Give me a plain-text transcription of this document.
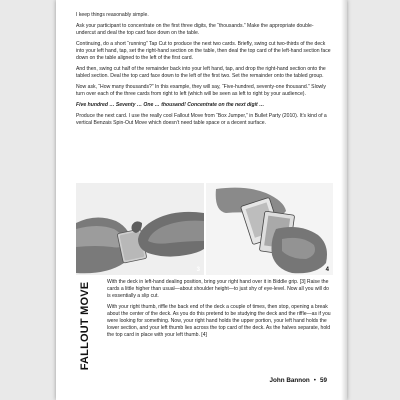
I keep things reasonably simple.

Ask your participant to concentrate on the first three digits, the “thousands.” Make the appropriate double-undercut and deal the top card face down on the table.

Continuing, do a short “running” Tap Cut to produce the next two cards. Briefly, swing cut two-thirds of the deck into your left hand, tap, set the right-hand section on the table, then deal the top card of the left-hand section face down on the table aligned to the left of the first card.

And then, swing cut half of the remainder back into your left hand, tap, and drop the right-hand section onto the tabled section. Deal the top card face down to the left of the first two. Set the remainder onto the tabled group.

Now ask, “How many thousands?” In this example, they will say, “Five-hundred, seventy-one thousand.” Slowly turn over each of the three cards from right to left (which will be seen as left to right by your audience).

Five hundred … Seventy … One … thousand! Concentrate on the next digit …

Produce the next card. I use the really cool Fallout Move from “Box Jumper,” in Bullet Party (2010). It’s kind of a vertical Benzais Spin-Out Move which doesn’t need table space or a decent surface.

3	4
FALLOUT MOVE	With the deck in left-hand dealing position, bring your right hand over it in Biddle grip. [3] Raise the cards a little higher than usual—about shoulder height—to just shy of eye-level. Now all you will do is essentially a slip cut.

With your right thumb, riffle the back end of the deck a couple of times, then stop, opening a break about the center of the deck. As you do this pretend to be studying the deck and the riffle—as if you were looking for something. Now, your right hand holds the upper portion, your left hand holds the lower section, and your left thumb lies across the top card of the deck. As the halves separate, hold the top card in place with your left thumb. [4]

John Bannon • 59
